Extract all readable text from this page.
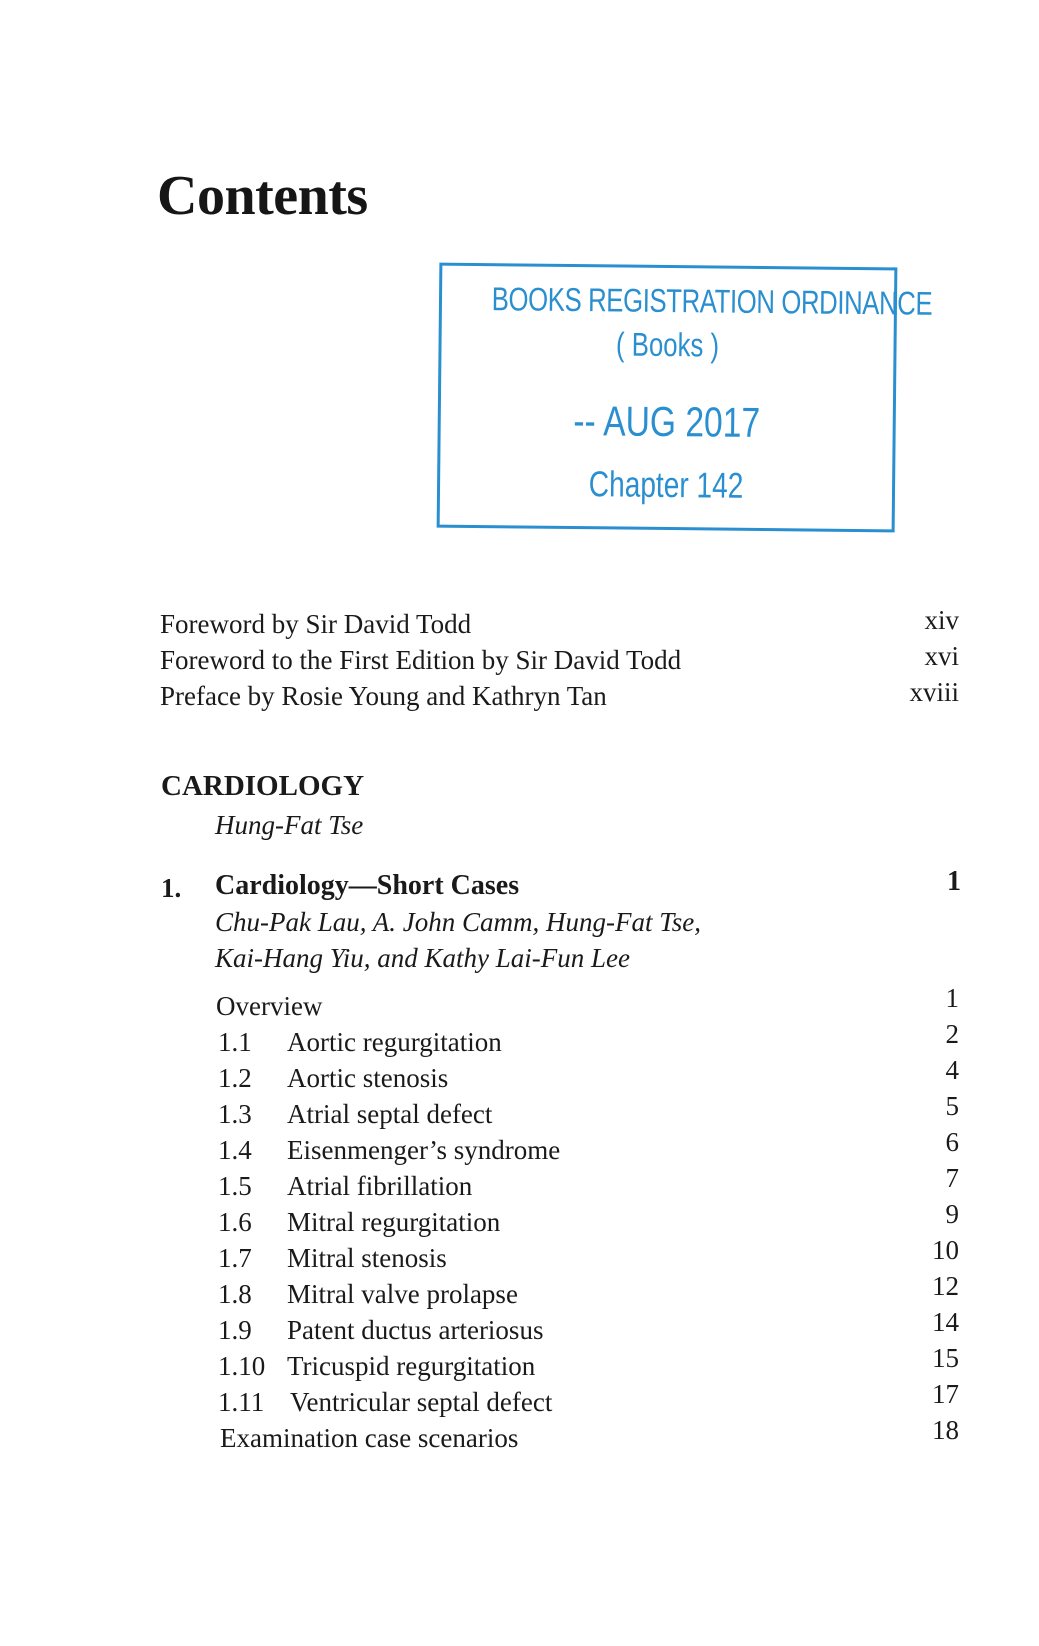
Contents
BOOKS REGISTRATION ORDINANCE
( Books )
-- AUG 2017
Chapter 142
Foreword by Sir David Todd	xiv
Foreword to the First Edition by Sir David Todd	xvi
Preface by Rosie Young and Kathryn Tan	xviii
CARDIOLOGY
Hung-Fat Tse
1. Cardiology—Short Cases	1
Chu-Pak Lau, A. John Camm, Hung-Fat Tse,
Kai-Hang Yiu, and Kathy Lai-Fun Lee
Overview	1
1.1 Aortic regurgitation	2
1.2 Aortic stenosis	4
1.3 Atrial septal defect	5
1.4 Eisenmenger’s syndrome	6
1.5 Atrial fibrillation	7
1.6 Mitral regurgitation	9
1.7 Mitral stenosis	10
1.8 Mitral valve prolapse	12
1.9 Patent ductus arteriosus	14
1.10 Tricuspid regurgitation	15
1.11 Ventricular septal defect	17
Examination case scenarios	18
